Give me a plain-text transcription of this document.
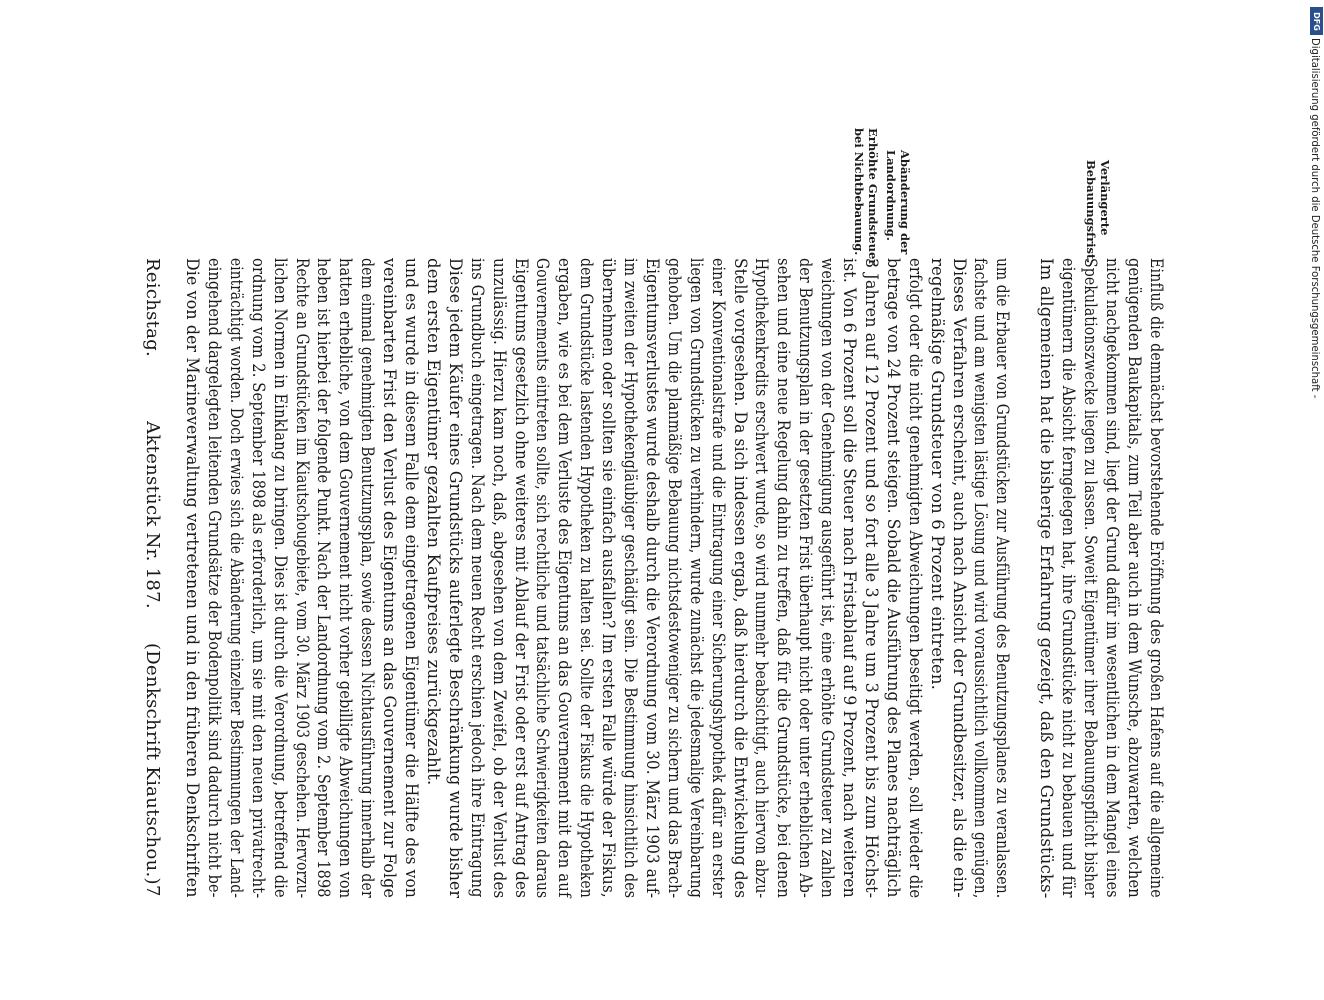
Reichstag.  Aktenstück Nr. 187.  (Denkschrift Kiautschou.)
7 Die von der Marineverwaltung vertretenen und in den früheren Denkschriften eingehend dargelegten leitenden Grundsätze der Bodenpolitik sind dadurch nicht be- einträchtigt worden. Doch erwies sich die Abänderung einzelner Bestimmungen der Land- ordnung vom 2. September 1898 als erforderlich, um sie mit den neuen privatrecht- lichen Normen in Einklang zu bringen. Dies ist durch die Verordnung, betreffend die Rechte an Grundstücken im Kiautschougebiete, vom 30. März 1903 geschehen. Hervorzu- heben ist hierbei der folgende Punkt. Nach der Landordnung vom 2. September 1898 hatten erhebliche, von dem Gouvernement nicht vorher gebilligte Abweichungen von dem einmal genehmigten Benutzungsplan, sowie dessen Nichtausführung innerhalb der vereinbarten Frist den Verlust des Eigentums an das Gouvernement zur Folge und es wurde in diesem Falle dem eingetragenen Eigentümer die Hälfte des von dem ersten Eigentümer gezahlten Kaufpreises zurückgezahlt. Diese jedem Käufer eines Grundstücks auferlegte Beschränkung wurde bisher ins Grundbuch eingetragen. Nach dem neuen Recht erschien jedoch ihre Eintragung unzulässig. Hierzu kam noch, daß, abgesehen von dem Zweifel, ob der Verlust des Eigentums gesetzlich ohne weiteres mit Ablauf der Frist oder erst auf Antrag des Gouvernements eintreten sollte, sich rechtliche und tatsächliche Schwierigkeiten daraus ergaben, wie es bei dem Verluste des Eigentums an das Gouvernement mit den auf dem Grundstücke lastenden Hypotheken zu halten sei. Sollte der Fiskus die Hypotheken übernehmen oder sollten sie einfach ausfallen? Im ersten Falle würde der Fiskus, im zweiten der Hypothekengläubiger geschädigt sein. Die Bestimmung hinsichtlich des Eigentumsverlustes wurde deshalb durch die Verordnung vom 30. März 1903 auf- gehoben. Um die planmäßige Bebauung nichtsdestoweniger zu sichern und das Brach- liegen von Grundstücken zu verhindern, wurde zunächst die jedesmalige Vereinbarung einer Konventionalstrafe und die Eintragung einer Sicherungshypothek dafür an erster Stelle vorgesehen. Da sich indessen ergab, daß hierdurch die Entwickelung des Hypothekenkredits erschwert wurde, so wird nunmehr beabsichtigt, auch hiervon abzu- sehen und eine neue Regelung dahin zu treffen, daß für die Grundstücke, bei denen der Benutzungsplan in der gesetzten Frist überhaupt nicht oder unter erheblichen Ab- weichungen von der Genehmigung ausgeführt ist, eine erhöhte Grundsteuer zu zahlen ist. Von 6 Prozent soll die Steuer nach Fristablauf auf 9 Prozent, nach weiteren 3 Jahren auf 12 Prozent und so fort alle 3 Jahre um 3 Prozent bis zum Höchst- betrage von 24 Prozent steigen. Sobald die Ausführung des Planes nachträglich erfolgt oder die nicht genehmigten Abweichungen beseitigt werden, soll wieder die regelmäßige Grundsteuer von 6 Prozent eintreten. Dieses Verfahren erscheint, auch nach Ansicht der Grundbesitzer, als die ein- fachste und am wenigsten lästige Lösung und wird voraussichtlich vollkommen genügen, um die Erbauer von Grundstücken zur Ausführung des Benutzungsplanes zu veranlassen. Im allgemeinen hat die bisherige Erfahrung gezeigt, daß den Grundstücks- eigentümern die Absicht ferngelegen hat, ihre Grundstücke nicht zu bebauen und für Spekulationszwecke liegen zu lassen. Soweit Eigentümer ihrer Bebauungspflicht bisher nicht nachgekommen sind, liegt der Grund dafür im wesentlichen in dem Mangel eines genügenden Baukapitals, zum Teil aber auch in dem Wunsche, abzuwarten, welchen Einfluß die demnächst bevorstehende Eröffnung des großen Hafens auf die allgemeine
Abänderung der
Landordnung.
Erhöhte Grundsteuer
bei Nichtbebauung.	Verlängerte
Bebauungsfrist.	Digitalisierung gefördert durch die Deutsche Forschungsgemeinschaft -
DFG
